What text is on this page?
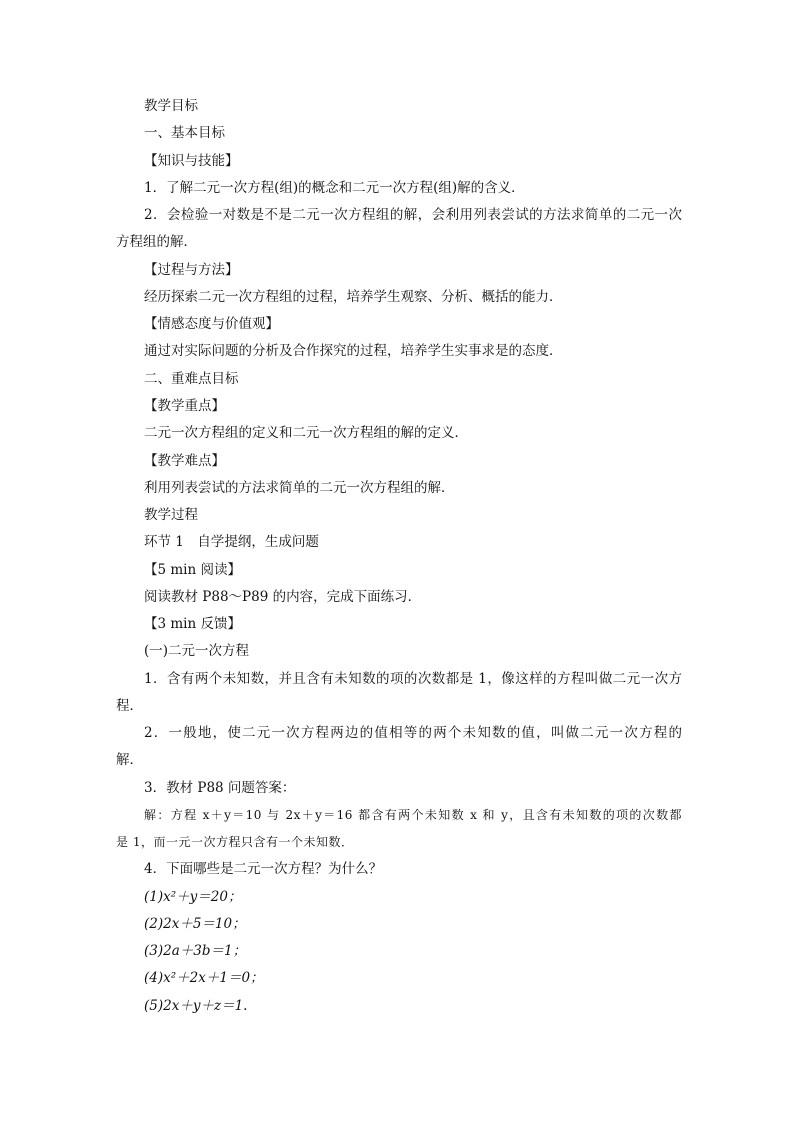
教学目标
一、基本目标
【知识与技能】
1．了解二元一次方程(组)的概念和二元一次方程(组)解的含义．
2．会检验一对数是不是二元一次方程组的解，会利用列表尝试的方法求简单的二元一次
方程组的解．
【过程与方法】
经历探索二元一次方程组的过程，培养学生观察、分析、概括的能力．
【情感态度与价值观】
通过对实际问题的分析及合作探究的过程，培养学生实事求是的态度．
二、重难点目标
【教学重点】
二元一次方程组的定义和二元一次方程组的解的定义．
【教学难点】
利用列表尝试的方法求简单的二元一次方程组的解．
教学过程
环节 1　自学提纲，生成问题
【5 min 阅读】
阅读教材 P88～P89 的内容，完成下面练习．
【3 min 反馈】
(一)二元一次方程
1．含有两个未知数，并且含有未知数的项的次数都是 1，像这样的方程叫做二元一次方
程．
2．一般地，使二元一次方程两边的值相等的两个未知数的值，叫做二元一次方程的
解．
3．教材 P88 问题答案：
解：方程 x＋y＝10 与 2x＋y＝16 都含有两个未知数 x 和 y，且含有未知数的项的次数都
是 1，而一元一次方程只含有一个未知数．
4．下面哪些是二元一次方程？为什么？
(1)x²＋y＝20；
(2)2x＋5＝10；
(3)2a＋3b＝1；
(4)x²＋2x＋1＝0；
(5)2x＋y＋z＝1.
